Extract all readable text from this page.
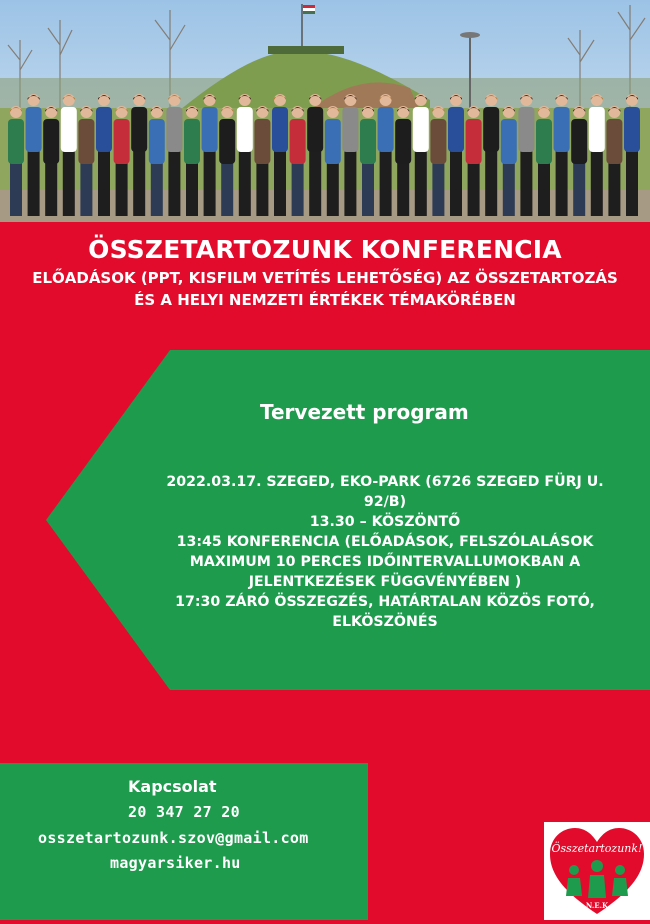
ÖSSZETARTOZUNK KONFERENCIA
ELŐADÁSOK (PPT, KISFILM VETÍTÉS LEHETŐSÉG) AZ ÖSSZETARTOZÁS
ÉS A HELYI NEMZETI ÉRTÉKEK TÉMAKÖRÉBEN
Tervezett program
2022.03.17. SZEGED, EKO-PARK (6726 SZEGED FÜRJ U.
92/B)
13.30 – KÖSZÖNTŐ
13:45 KONFERENCIA (ELŐADÁSOK, FELSZÓLALÁSOK
MAXIMUM 10 PERCES IDŐINTERVALLUMOKBAN A
JELENTKEZÉSEK FÜGGVÉNYÉBEN )
17:30 ZÁRÓ ÖSSZEGZÉS, HATÁRTALAN KÖZÖS FOTÓ,
ELKÖSZÖNÉS
Kapcsolat
20 347 27 20
osszetartozunk.szov@gmail.com
magyarsiker.hu
Összetartozunk!
N.E.K
